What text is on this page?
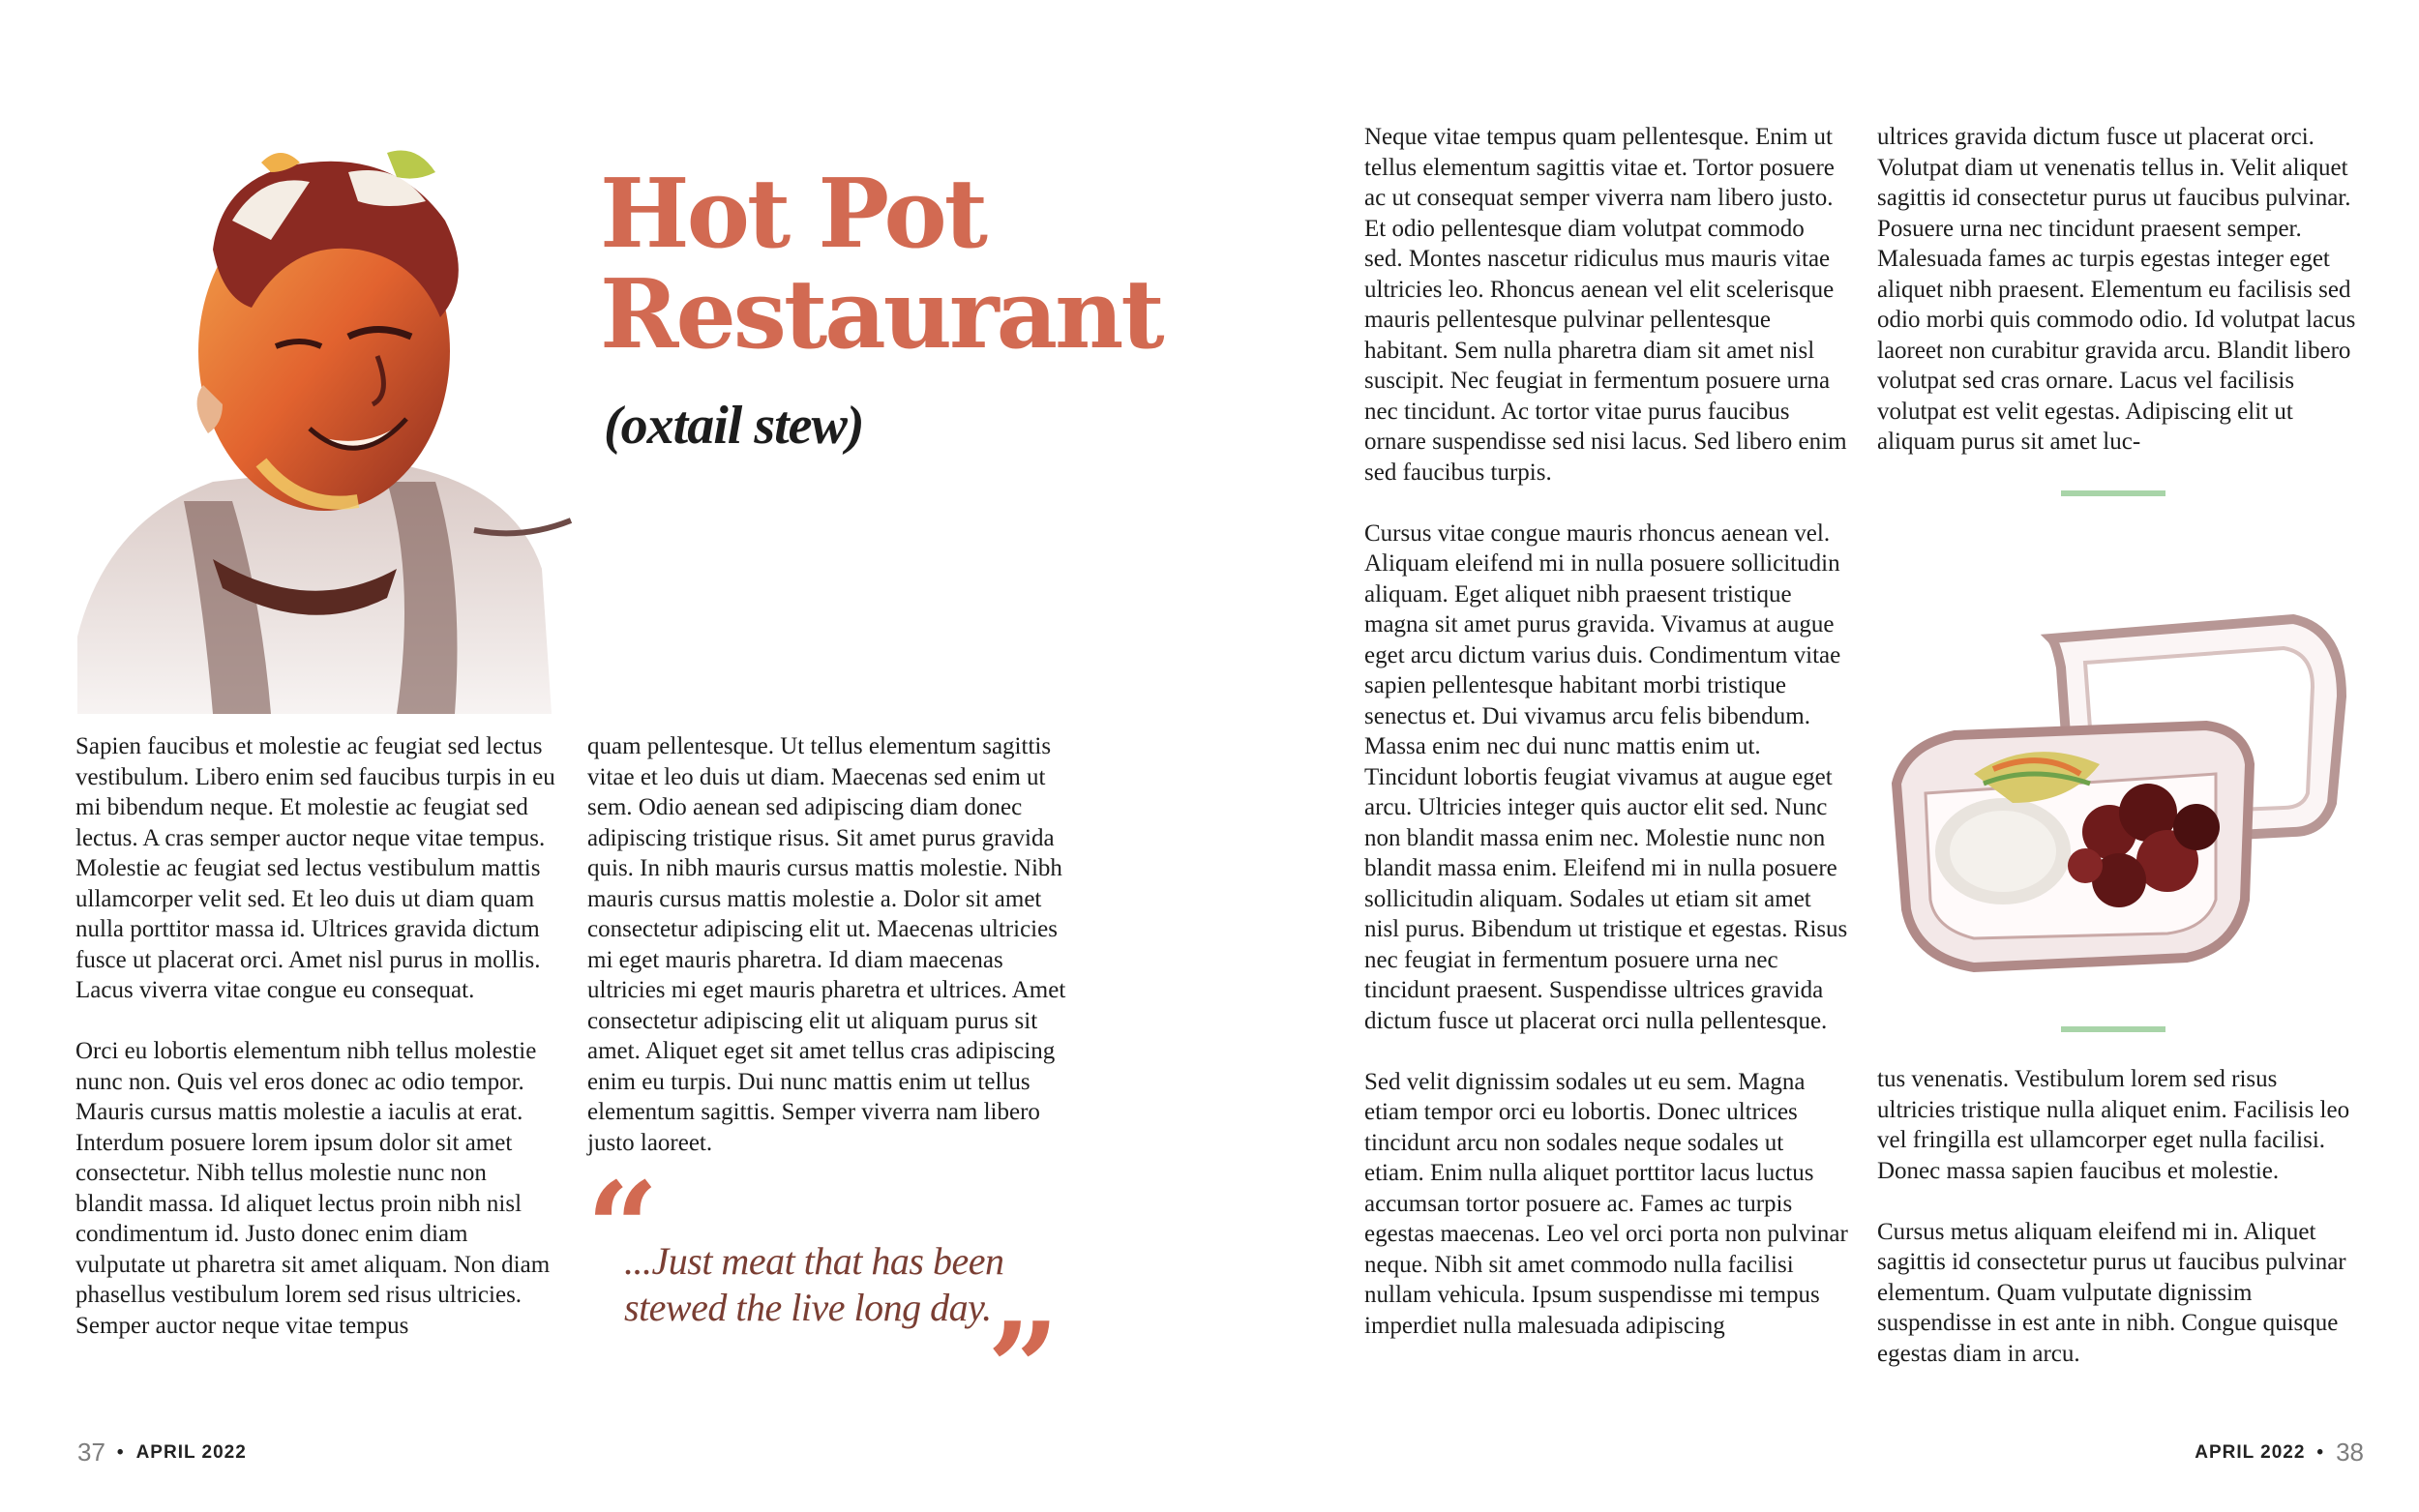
Hot Pot
Restaurant
(oxtail stew)

Sapien faucibus et molestie ac feugiat sed lectus vestibulum. Libero enim sed faucibus turpis in eu mi bibendum neque. Et molestie ac feugiat sed lectus. A cras semper auctor neque vitae tempus. Molestie ac feugiat sed lectus vestibulum mattis ullamcorper velit sed. Et leo duis ut diam quam nulla porttitor massa id. Ultrices gravida dictum fusce ut placerat orci. Amet nisl purus in mollis. Lacus viverra vitae congue eu consequat.

Orci eu lobortis elementum nibh tellus molestie nunc non. Quis vel eros donec ac odio tempor. Mauris cursus mattis molestie a iaculis at erat. Interdum posuere lorem ipsum dolor sit amet consectetur. Nibh tellus molestie nunc non blandit massa. Id aliquet lectus proin nibh nisl condimentum id. Justo donec enim diam vulputate ut pharetra sit amet aliquam. Non diam phasellus vestibulum lorem sed risus ultricies. Semper auctor neque vitae tempus

quam pellentesque. Ut tellus elementum sagittis vitae et leo duis ut diam. Maecenas sed enim ut sem. Odio aenean sed adipiscing diam donec adipiscing tristique risus. Sit amet purus gravida quis. In nibh mauris cursus mattis molestie. Nibh mauris cursus mattis molestie a. Dolor sit amet consectetur adipiscing elit ut. Maecenas ultricies mi eget mauris pharetra. Id diam maecenas ultricies mi eget mauris pharetra et ultrices. Amet consectetur adipiscing elit ut aliquam purus sit amet. Aliquet eget sit amet tellus cras adipiscing enim eu turpis. Dui nunc mattis enim ut tellus elementum sagittis. Semper viverra nam libero justo laoreet.

“

...Just meat that has been stewed the live long day.

”
37 • APRIL 2022

Neque vitae tempus quam pellentesque. Enim ut tellus elementum sagittis vitae et. Tortor posuere ac ut consequat semper viverra nam libero justo. Et odio pellentesque diam volutpat commodo sed. Montes nascetur ridiculus mus mauris vitae ultricies leo. Rhoncus aenean vel elit scelerisque mauris pellentesque pulvinar pellentesque habitant. Sem nulla pharetra diam sit amet nisl suscipit. Nec feugiat in fermentum posuere urna nec tincidunt. Ac tortor vitae purus faucibus ornare suspendisse sed nisi lacus. Sed libero enim sed faucibus turpis.

Cursus vitae congue mauris rhoncus aenean vel. Aliquam eleifend mi in nulla posuere sollicitudin aliquam. Eget aliquet nibh praesent tristique magna sit amet purus gravida. Vivamus at augue eget arcu dictum varius duis. Condimentum vitae sapien pellentesque habitant morbi tristique senectus et. Dui vivamus arcu felis bibendum. Massa enim nec dui nunc mattis enim ut. Tincidunt lobortis feugiat vivamus at augue eget arcu. Ultricies integer quis auctor elit sed. Nunc non blandit massa enim nec. Molestie nunc non blandit massa enim. Eleifend mi in nulla posuere sollicitudin aliquam. Sodales ut etiam sit amet nisl purus. Bibendum ut tristique et egestas. Risus nec feugiat in fermentum posuere urna nec tincidunt praesent. Suspendisse ultrices gravida dictum fusce ut placerat orci nulla pellentesque.

Sed velit dignissim sodales ut eu sem. Magna etiam tempor orci eu lobortis. Donec ultrices tincidunt arcu non sodales neque sodales ut etiam. Enim nulla aliquet porttitor lacus luctus accumsan tortor posuere ac. Fames ac turpis egestas maecenas. Leo vel orci porta non pulvinar neque. Nibh sit amet commodo nulla facilisi nullam vehicula. Ipsum suspendisse mi tempus imperdiet nulla malesuada adipiscing

ultrices gravida dictum fusce ut placerat orci. Volutpat diam ut venenatis tellus in. Velit aliquet sagittis id consectetur purus ut faucibus pulvinar. Posuere urna nec tincidunt praesent semper. Malesuada fames ac turpis egestas integer eget aliquet nibh praesent. Elementum eu facilisis sed odio morbi quis commodo odio. Id volutpat lacus laoreet non curabitur gravida arcu. Blandit libero volutpat sed cras ornare. Lacus vel facilisis volutpat est velit egestas. Adipiscing elit ut aliquam purus sit amet luc-

tus venenatis. Vestibulum lorem sed risus ultricies tristique nulla aliquet enim. Facilisis leo vel fringilla est ullamcorper eget nulla facilisi. Donec massa sapien faucibus et molestie.

Cursus metus aliquam eleifend mi in. Aliquet sagittis id consectetur purus ut faucibus pulvinar elementum. Quam vulputate dignissim suspendisse in est ante in nibh. Congue quisque egestas diam in arcu.

APRIL 2022 • 38
